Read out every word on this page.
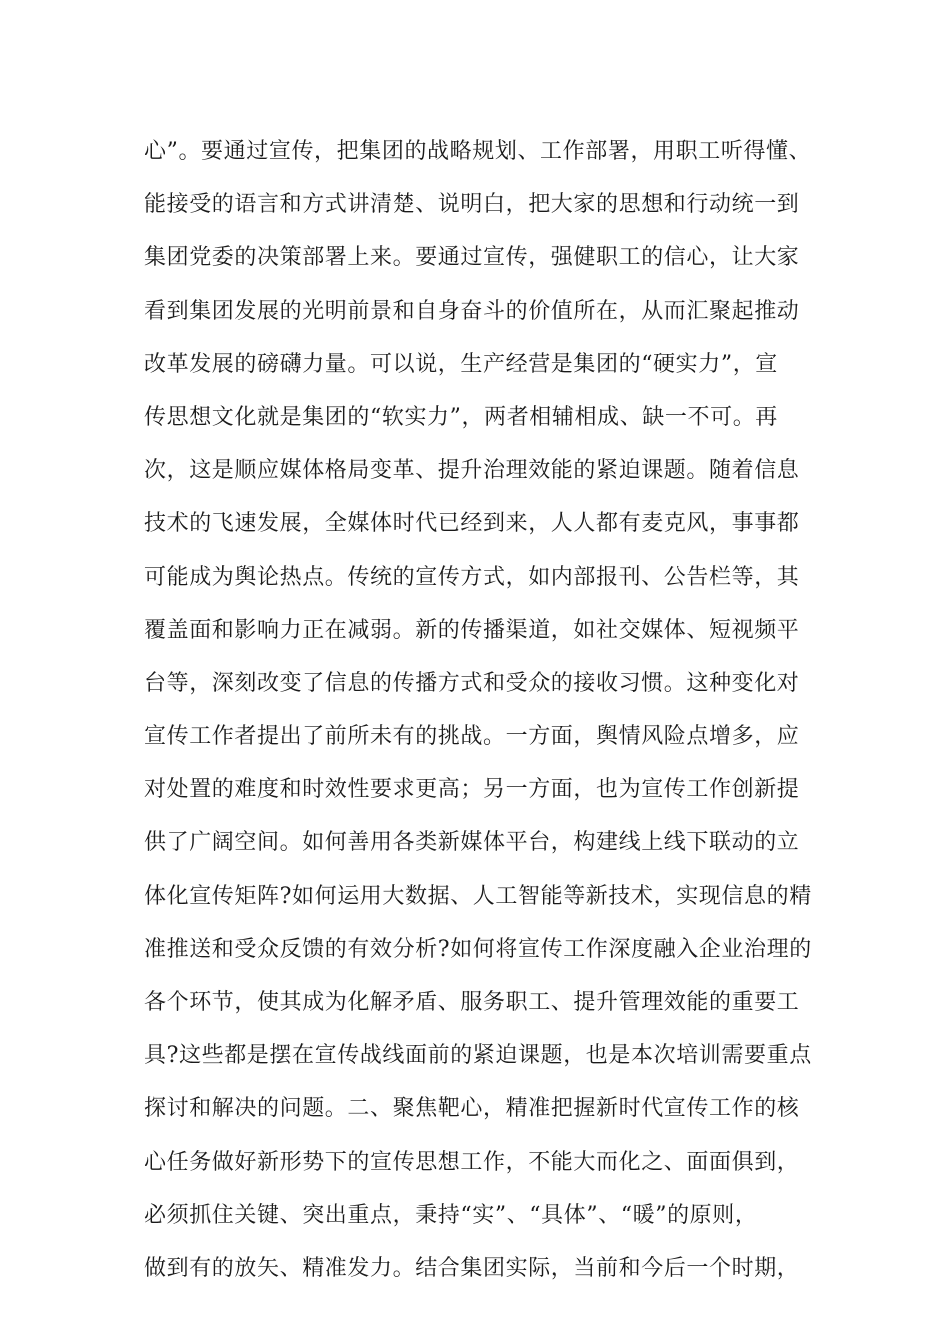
心”。要通过宣传，把集团的战略规划、工作部署，用职工听得懂、
能接受的语言和方式讲清楚、说明白，把大家的思想和行动统一到
集团党委的决策部署上来。要通过宣传，强健职工的信心，让大家
看到集团发展的光明前景和自身奋斗的价值所在，从而汇聚起推动
改革发展的磅礴力量。可以说，生产经营是集团的“硬实力”，宣
传思想文化就是集团的“软实力”，两者相辅相成、缺一不可。再
次，这是顺应媒体格局变革、提升治理效能的紧迫课题。随着信息
技术的飞速发展，全媒体时代已经到来，人人都有麦克风，事事都
可能成为舆论热点。传统的宣传方式，如内部报刊、公告栏等，其
覆盖面和影响力正在减弱。新的传播渠道，如社交媒体、短视频平
台等，深刻改变了信息的传播方式和受众的接收习惯。这种变化对
宣传工作者提出了前所未有的挑战。一方面，舆情风险点增多，应
对处置的难度和时效性要求更高；另一方面，也为宣传工作创新提
供了广阔空间。如何善用各类新媒体平台，构建线上线下联动的立
体化宣传矩阵?如何运用大数据、人工智能等新技术，实现信息的精
准推送和受众反馈的有效分析?如何将宣传工作深度融入企业治理的
各个环节，使其成为化解矛盾、服务职工、提升管理效能的重要工
具?这些都是摆在宣传战线面前的紧迫课题，也是本次培训需要重点
探讨和解决的问题。二、聚焦靶心，精准把握新时代宣传工作的核
心任务做好新形势下的宣传思想工作，不能大而化之、面面俱到，
必须抓住关键、突出重点，秉持“实”、“具体”、“暖”的原则，
做到有的放矢、精准发力。结合集团实际，当前和今后一个时期，
